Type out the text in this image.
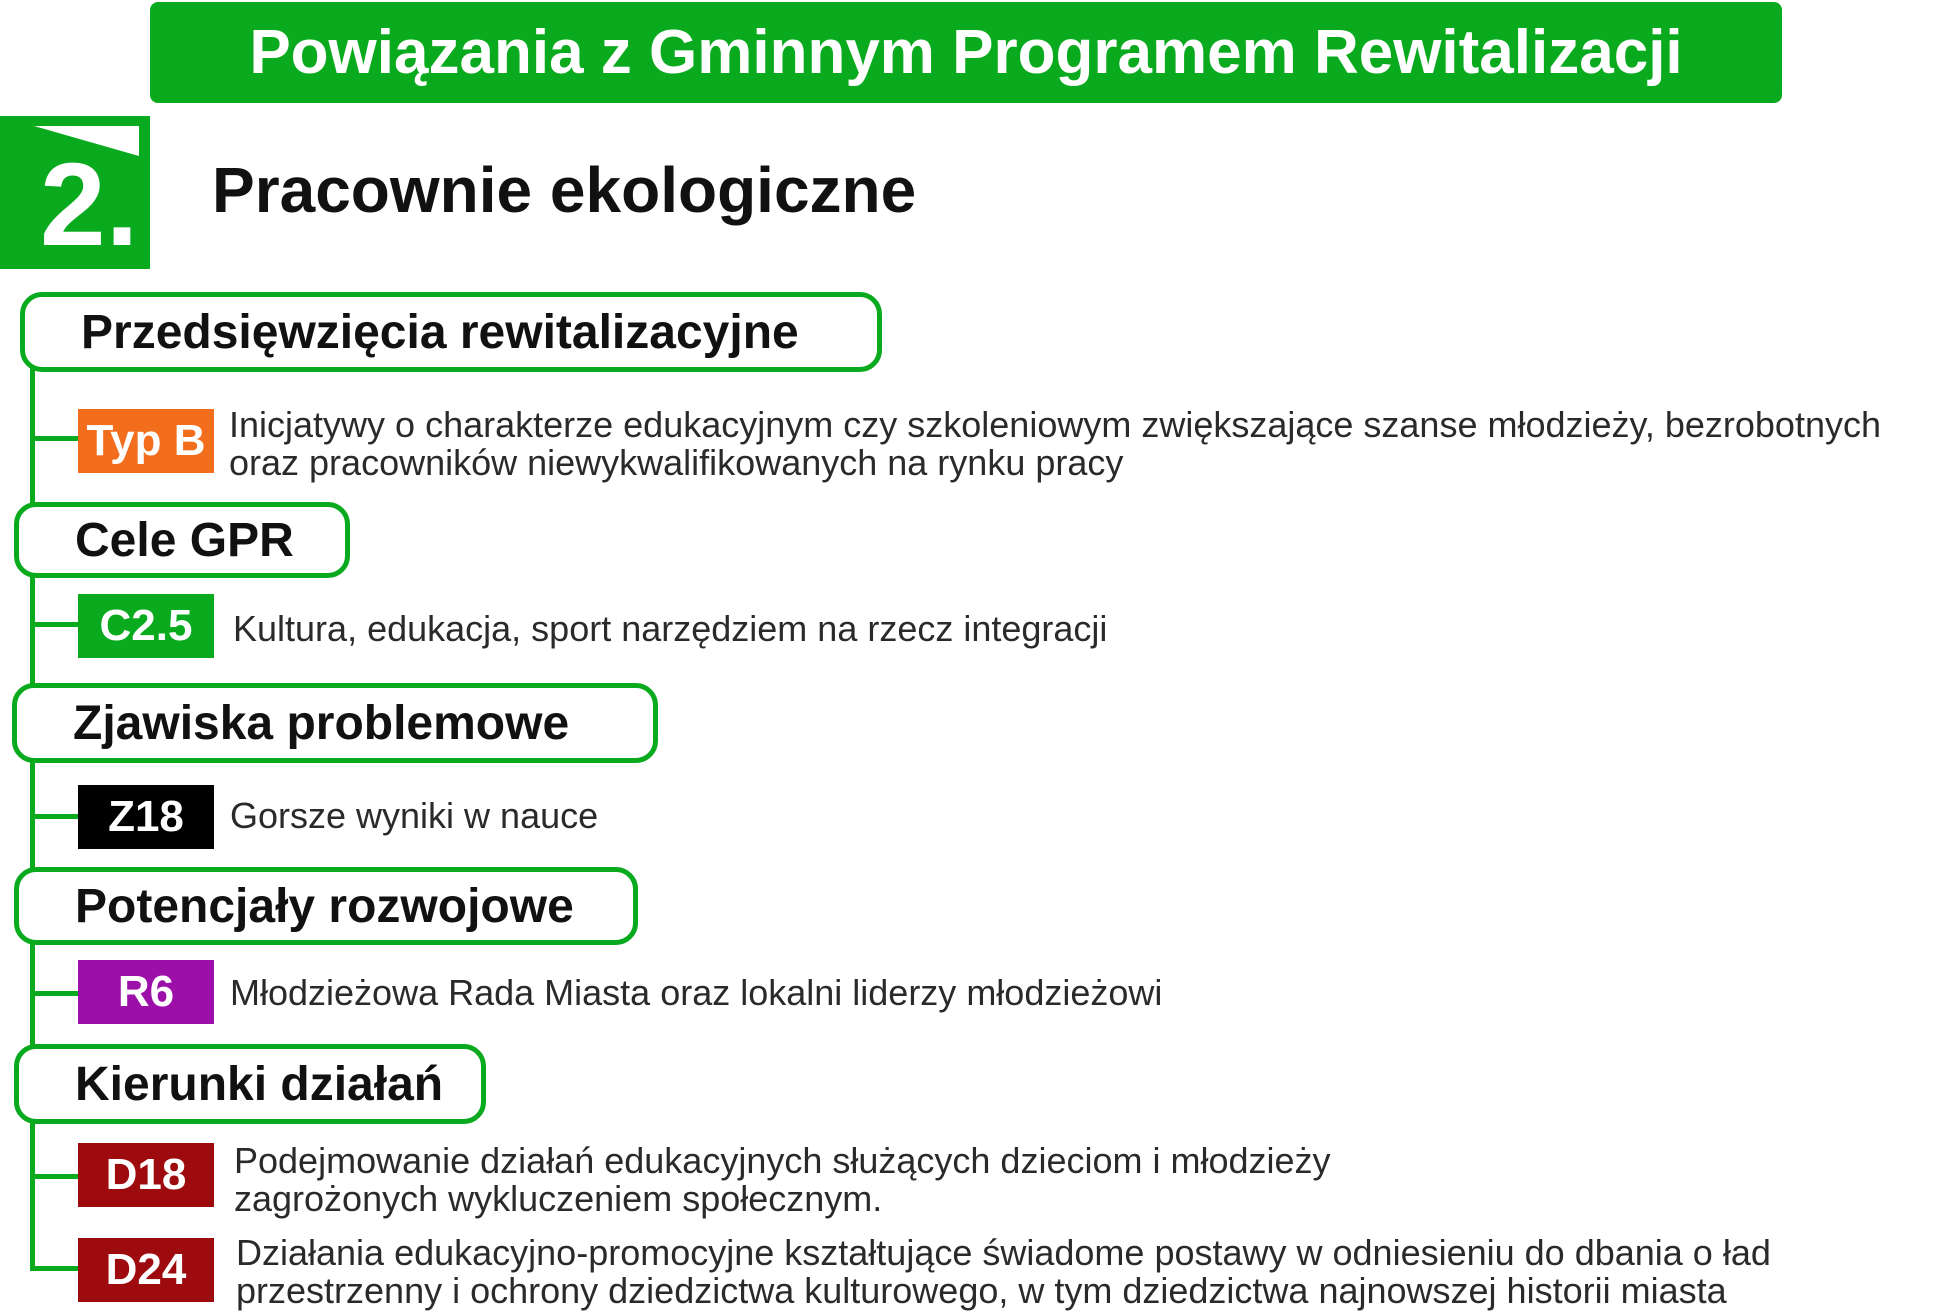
Powiązania z Gminnym Programem Rewitalizacji
2. Pracownie ekologiczne
Przedsięwzięcia rewitalizacyjne
Typ B Inicjatywy o charakterze edukacyjnym czy szkoleniowym zwiększające szanse młodzieży, bezrobotnych
oraz pracowników niewykwalifikowanych na rynku pracy
Cele GPR
C2.5	Kultura, edukacja, sport narzędziem na rzecz integracji
Zjawiska problemowe
Z18	Gorsze wyniki w nauce
Potencjały rozwojowe
R6	Młodzieżowa Rada Miasta oraz lokalni liderzy młodzieżowi
Kierunki działań
D18	Podejmowanie działań edukacyjnych służących dzieciom i młodzieży
zagrożonych wykluczeniem społecznym.
D24	Działania edukacyjno-promocyjne kształtujące świadome postawy w odniesieniu do dbania o ład
przestrzenny i ochrony dziedzictwa kulturowego, w tym dziedzictwa najnowszej historii miasta
